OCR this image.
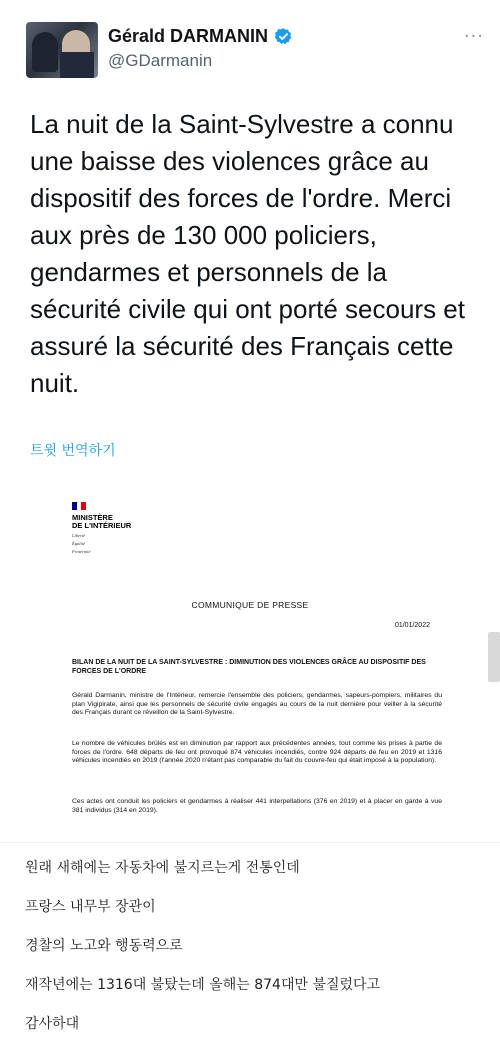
Gérald DARMANIN
@GDarmanin
···
La nuit de la Saint-Sylvestre a connu
une baisse des violences grâce au
dispositif des forces de l'ordre. Merci
aux près de 130 000 policiers,
gendarmes et personnels de la
sécurité civile qui ont porté secours et
assuré la sécurité des Français cette
nuit.
트윗 번역하기
MINISTÈRE
DE L'INTÉRIEUR
Liberté
Égalité
Fraternité
COMMUNIQUE DE PRESSE
01/01/2022
BILAN DE LA NUIT DE LA SAINT-SYLVESTRE : DIMINUTION DES VIOLENCES GRÂCE AU DISPOSITIF DES FORCES DE L'ORDRE
Gérald Darmanin, ministre de l'Intérieur, remercie l'ensemble des policiers, gendarmes, sapeurs-pompiers, militaires du plan Vigipirate, ainsi que les personnels de sécurité civile engagés au cours de la nuit dernière pour veiller à la sécurité des Français durant ce réveillon de la Saint-Sylvestre.
Le nombre de véhicules brûlés est en diminution par rapport aux précédentes années, tout comme les prises à partie de forces de l'ordre. 648 départs de feu ont provoqué 874 véhicules incendiés, contre 924 départs de feu en 2019 et 1316 véhicules incendiés en 2019 (l'année 2020 n'étant pas comparable du fait du couvre-feu qui était imposé à la population).
Ces actes ont conduit les policiers et gendarmes à réaliser 441 interpellations (376 en 2019) et à placer en garde à vue 381 individus (314 en 2019).
원래 새해에는 자동차에 불지르는게 전통인데
프랑스 내무부 장관이
경찰의 노고와 행동력으로
재작년에는 1316대 불탔는데 올해는 874대만 불질렀다고
감사하대
